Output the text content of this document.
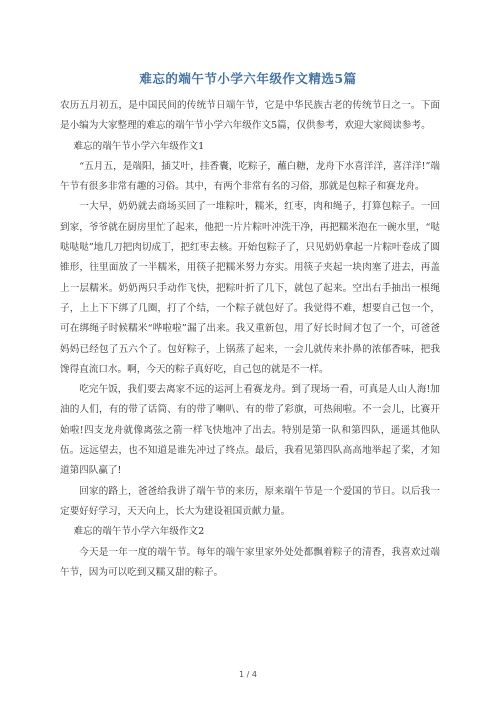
难忘的端午节小学六年级作文精选5篇

农历五月初五，是中国民间的传统节日端午节，它是中华民族古老的传统节日之一。下面是小编为大家整理的难忘的端午节小学六年级作文5篇，仅供参考，欢迎大家阅读参考。

难忘的端午节小学六年级作文1

“五月五，是端阳，插艾叶，挂香囊，吃粽子，蘸白糖，龙舟下水喜洋洋，喜洋洋!”端午节有很多非常有趣的习俗。其中，有两个非常有名的习俗，那就是包粽子和赛龙舟。

一大早，奶奶就去商场买回了一堆粽叶，糯米，红枣，肉和绳子，打算包粽子。一回到家，爷爷就在厨房里忙了起来，他把一片片粽叶冲洗干净，再把糯米泡在一碗水里，“哒哒哒哒”地几刀把肉切成丁，把红枣去核。开始包粽子了，只见奶奶拿起一片粽叶卷成了圆锥形，往里面放了一半糯米，用筷子把糯米努力夯实。用筷子夹起一块肉塞了进去，再盖上一层糯米。奶奶两只手动作飞快，把粽叶折了几下，就包了起来。空出右手抽出一根绳子，上上下下绑了几圈，打了个结，一个粽子就包好了。我觉得不难，想要自己包一个，可在绑绳子时候糯米“哗啦啦”漏了出来。我又重新包，用了好长时间才包了一个，可爸爸妈妈已经包了五六个了。包好粽子，上锅蒸了起来，一会儿就传来扑鼻的浓郁香味，把我馋得直流口水。啊，今天的粽子真好吃，自己包的就是不一样。

吃完午饭，我们要去离家不远的运河上看赛龙舟。到了现场一看，可真是人山人海!加油的人们，有的带了话筒、有的带了喇叭、有的带了彩旗，可热闹啦。不一会儿，比赛开始啦!四支龙舟就像离弦之箭一样飞快地冲了出去。特别是第一队和第四队，遥遥其他队伍。远远望去，也不知道是谁先冲过了终点。最后，我看见第四队高高地举起了桨，才知道第四队赢了!

回家的路上，爸爸给我讲了端午节的来历，原来端午节是一个爱国的节日。以后我一定要好好学习，天天向上，长大为建设祖国贡献力量。

难忘的端午节小学六年级作文2

今天是一年一度的端午节。每年的端午家里家外处处都飘着粽子的清香，我喜欢过端午节，因为可以吃到又糯又甜的粽子。

1 / 4
